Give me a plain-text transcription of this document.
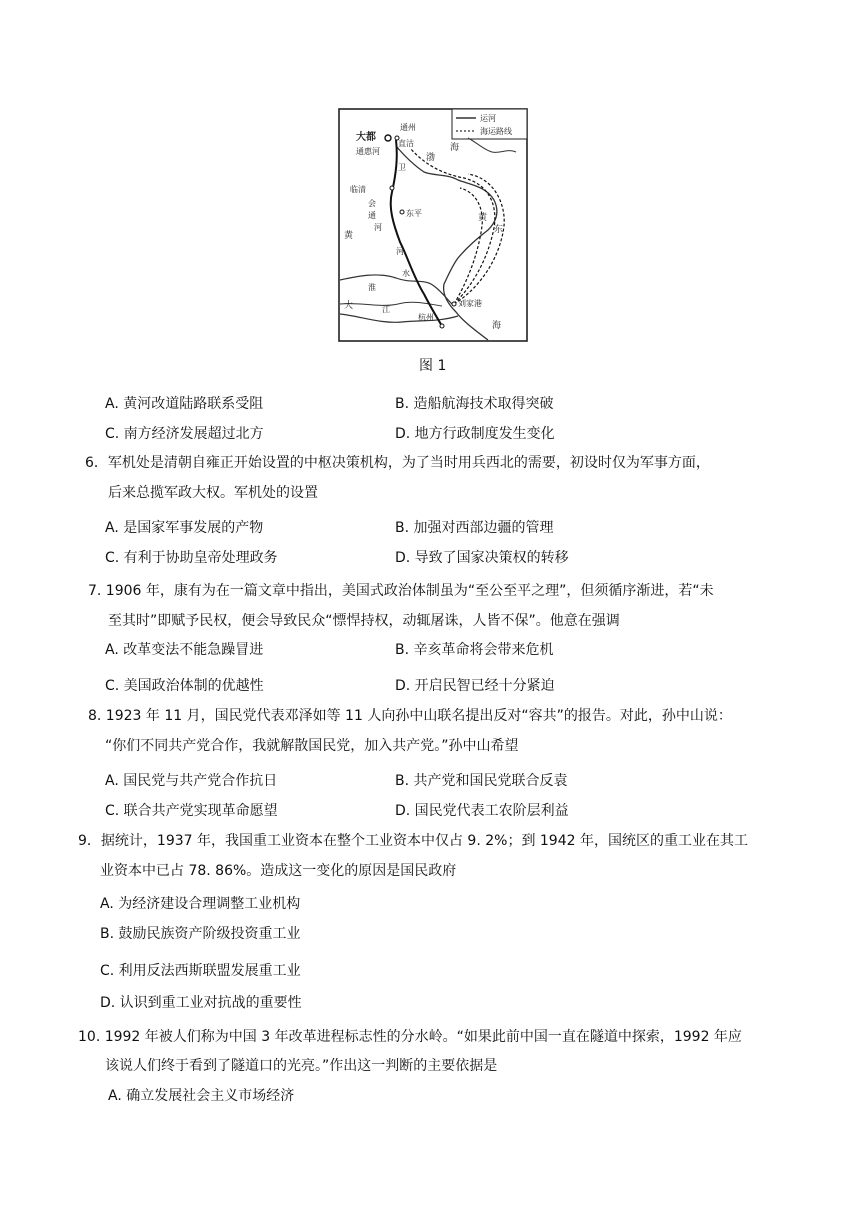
运河
海运路线
大都
通州
直沽
通惠河	海
渤
卫
临清
会
通
河
东平
黄
河
水
淮
黄
东
大	江
刘家港
杭州
海
图 1
A. 黄河改道陆路联系受阻	B. 造船航海技术取得突破
C. 南方经济发展超过北方	D. 地方行政制度发生变化
6．军机处是清朝自雍正开始设置的中枢决策机构，为了当时用兵西北的需要，初设时仅为军事方面，
后来总揽军政大权。军机处的设置
A. 是国家军事发展的产物	B. 加强对西部边疆的管理
C. 有利于协助皇帝处理政务	D. 导致了国家决策权的转移
7. 1906 年，康有为在一篇文章中指出，美国式政治体制虽为“至公至平之理”，但须循序渐进，若“未
至其时”即赋予民权，便会导致民众“慓悍持权，动辄屠诛，人皆不保”。他意在强调
A. 改革变法不能急躁冒进	B. 辛亥革命将会带来危机
C. 美国政治体制的优越性	D. 开启民智已经十分紧迫
8. 1923 年 11 月，国民党代表邓泽如等 11 人向孙中山联名提出反对“容共”的报告。对此，孙中山说：
“你们不同共产党合作，我就解散国民党，加入共产党。”孙中山希望
A. 国民党与共产党合作抗日	B. 共产党和国民党联合反袁
C. 联合共产党实现革命愿望	D. 国民党代表工农阶层利益
9．据统计，1937 年，我国重工业资本在整个工业资本中仅占 9. 2%；到 1942 年，国统区的重工业在其工
业资本中已占 78. 86%。造成这一变化的原因是国民政府
A. 为经济建设合理调整工业机构
B. 鼓励民族资产阶级投资重工业
C. 利用反法西斯联盟发展重工业
D. 认识到重工业对抗战的重要性
10. 1992 年被人们称为中国 3 年改革进程标志性的分水岭。“如果此前中国一直在隧道中探索，1992 年应
该说人们终于看到了隧道口的光亮。”作出这一判断的主要依据是
A. 确立发展社会主义市场经济
